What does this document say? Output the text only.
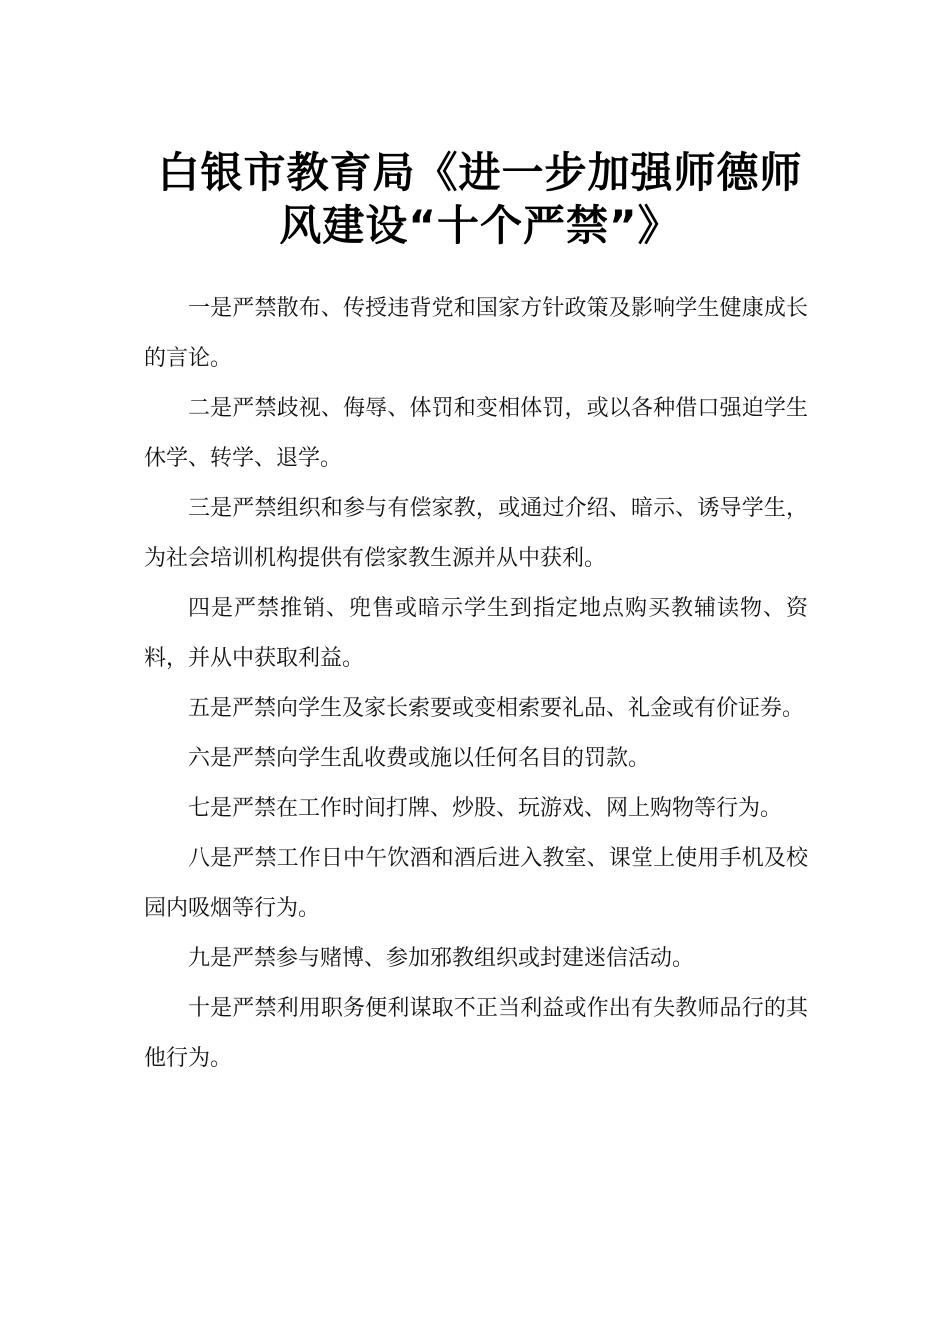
白银市教育局《进一步加强师德师
风建设“十个严禁”》

一是严禁散布、传授违背党和国家方针政策及影响学生健康成长的言论。

二是严禁歧视、侮辱、体罚和变相体罚，或以各种借口强迫学生休学、转学、退学。

三是严禁组织和参与有偿家教，或通过介绍、暗示、诱导学生，为社会培训机构提供有偿家教生源并从中获利。

四是严禁推销、兜售或暗示学生到指定地点购买教辅读物、资料，并从中获取利益。

五是严禁向学生及家长索要或变相索要礼品、礼金或有价证券。

六是严禁向学生乱收费或施以任何名目的罚款。

七是严禁在工作时间打牌、炒股、玩游戏、网上购物等行为。

八是严禁工作日中午饮酒和酒后进入教室、课堂上使用手机及校园内吸烟等行为。

九是严禁参与赌博、参加邪教组织或封建迷信活动。

十是严禁利用职务便利谋取不正当利益或作出有失教师品行的其他行为。
